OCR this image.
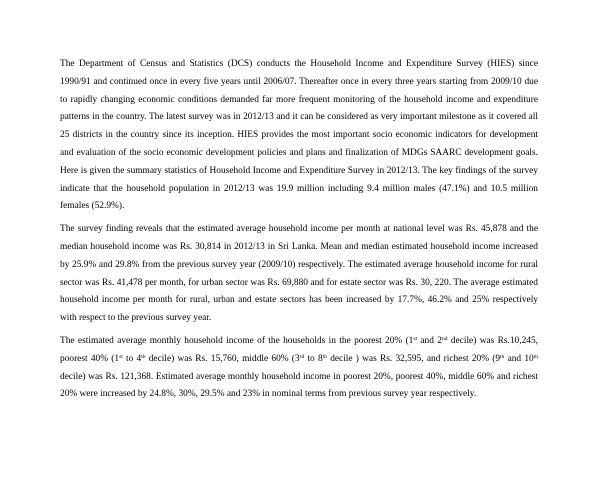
The Department of Census and Statistics (DCS) conducts the Household Income and Expenditure Survey (HIES) since 1990/91 and continued once in every five years until 2006/07. Thereafter once in every three years starting from 2009/10 due to rapidly changing economic conditions demanded far more frequent monitoring of the household income and expenditure patterns in the country. The latest survey was in 2012/13 and it can be considered as very important milestone as it covered all 25 districts in the country since its inception. HIES provides the most important socio economic indicators for development and evaluation of the socio economic development policies and plans and finalization of MDGs SAARC development goals. Here is given the summary statistics of Household Income and Expenditure Survey in 2012/13. The key findings of the survey indicate that the household population in 2012/13 was 19.9 million including 9.4 million males (47.1%) and 10.5 million females (52.9%).

The survey finding reveals that the estimated average household income per month at national level was Rs. 45,878 and the median household income was Rs. 30,814 in 2012/13 in Sri Lanka. Mean and median estimated household income increased by 25.9% and 29.8% from the previous survey year (2009/10) respectively. The estimated average household income for rural sector was Rs. 41,478 per month, for urban sector was Rs. 69,880 and for estate sector was Rs. 30, 220. The average estimated household income per month for rural, urban and estate sectors has been increased by 17.7%, 46.2% and 25% respectively with respect to the previous survey year.

The estimated average monthly household income of the households in the poorest 20% (1st and 2nd decile) was Rs.10,245, poorest 40% (1st to 4th decile) was Rs. 15,760, middle 60% (3rd to 8th decile ) was Rs. 32,595, and richest 20% (9th and 10th decile) was Rs. 121,368. Estimated average monthly household income in poorest 20%, poorest 40%, middle 60% and richest 20% were increased by 24.8%, 30%, 29.5% and 23% in nominal terms from previous survey year respectively.
